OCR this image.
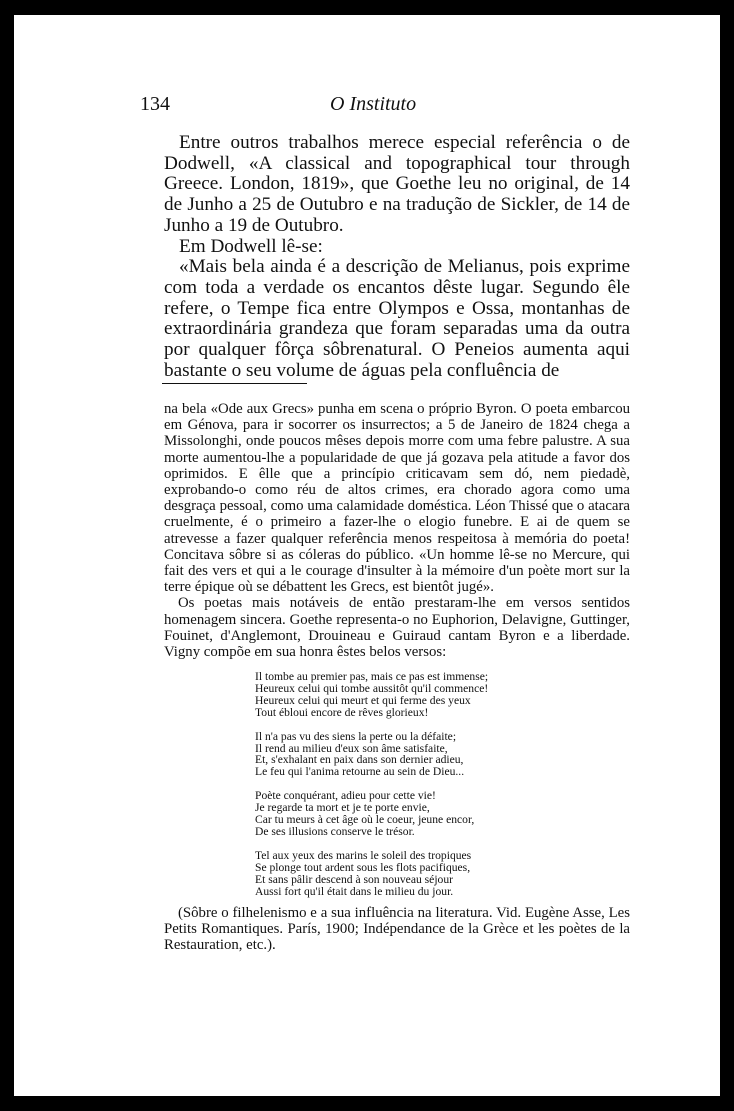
134	O Instituto

Entre outros trabalhos merece especial referência o de Dodwell, «A classical and topographical tour through Greece. London, 1819», que Goethe leu no original, de 14 de Junho a 25 de Outubro e na tradução de Sickler, de 14 de Junho a 19 de Outubro.

Em Dodwell lê-se:

«Mais bela ainda é a descrição de Melianus, pois exprime com toda a verdade os encantos dêste lugar. Segundo êle refere, o Tempe fica entre Olympos e Ossa, montanhas de extraordinária grandeza que foram separadas uma da outra por qualquer fôrça sôbrenatural. O Peneios aumenta aqui bastante o seu volume de águas pela confluência de

na bela «Ode aux Grecs» punha em scena o próprio Byron. O poeta embarcou em Génova, para ir socorrer os insurrectos; a 5 de Janeiro de 1824 chega a Missolonghi, onde poucos mêses depois morre com uma febre palustre. A sua morte aumentou-lhe a popularidade de que já gozava pela atitude a favor dos oprimidos. E êlle que a princípio criticavam sem dó, nem piedadè, exprobando-o como réu de altos crimes, era chorado agora como uma desgraça pessoal, como uma calamidade doméstica. Léon Thissé que o atacara cruelmente, é o primeiro a fazer-lhe o elogio funebre. E ai de quem se atrevesse a fazer qualquer referência menos respeitosa à memória do poeta! Concitava sôbre si as cóleras do público. «Un homme lê-se no Mercure, qui fait des vers et qui a le courage d'insulter à la mémoire d'un poète mort sur la terre épique où se débattent les Grecs, est bientôt jugé».

Os poetas mais notáveis de então prestaram-lhe em versos sentidos homenagem sincera. Goethe representa-o no Euphorion, Delavigne, Guttinger, Fouinet, d'Anglemont, Drouineau e Guiraud cantam Byron e a liberdade. Vigny compõe em sua honra êstes belos versos:

Il tombe au premier pas, mais ce pas est immense;
Heureux celui qui tombe aussitôt qu'il commence!
Heureux celui qui meurt et qui ferme des yeux
Tout ébloui encore de rêves glorieux!
Il n'a pas vu des siens la perte ou la défaite;
Il rend au milieu d'eux son âme satisfaite,
Et, s'exhalant en paix dans son dernier adieu,
Le feu qui l'anima retourne au sein de Dieu...
Poète conquérant, adieu pour cette vie!
Je regarde ta mort et je te porte envie,
Car tu meurs à cet âge où le coeur, jeune encor,
De ses illusions conserve le trésor.
Tel aux yeux des marins le soleil des tropiques
Se plonge tout ardent sous les flots pacifiques,
Et sans pâlir descend à son nouveau séjour
Aussi fort qu'il était dans le milieu du jour.
(Sôbre o filhelenismo e a sua influência na literatura. Vid. Eugène Asse, Les Petits Romantiques. París, 1900; Indépendance de la Grèce et les poètes de la Restauration, etc.).
